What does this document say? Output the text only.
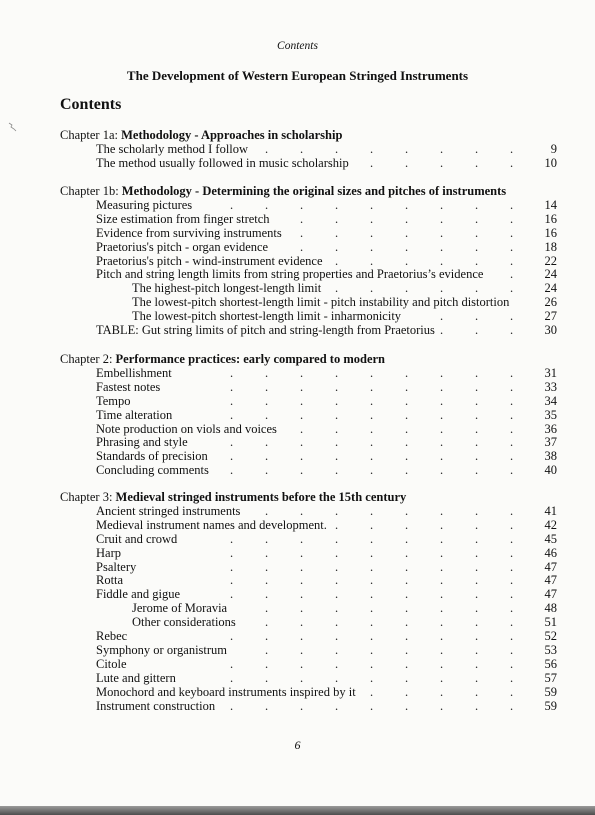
Contents
The Development of Western European Stringed Instruments
Contents
Chapter 1a: Methodology - Approaches in scholarship
The scholarly method I follow	9
.	.	.	.	.	.	.	.
The method usually followed in music scholarship	10
.	.	.	.	.
Chapter 1b: Methodology - Determining the original sizes and pitches of instruments
Measuring pictures	14
.	.	.	.	.	.	.	.	.
Size estimation from finger stretch	16
.	.	.	.	.	.	.
Evidence from surviving instruments	16
.	.	.	.	.	.	.
Praetorius's pitch - organ evidence	18
.	.	.	.	.	.	.
Praetorius's pitch - wind-instrument evidence	22
.	.	.	.	.	.
Pitch and string length limits from string properties and Praetorius’s evidence	24
.
The highest-pitch longest-length limit	24
.	.	.	.	.	.
The lowest-pitch shortest-length limit - pitch instability and pitch distortion	26
The lowest-pitch shortest-length limit - inharmonicity	27
.	.	.
TABLE: Gut string limits of pitch and string-length from Praetorius	30
.	.	.
Chapter 2: Performance practices: early compared to modern
Embellishment	31
.	.	.	.	.	.	.	.	.
Fastest notes	33
.	.	.	.	.	.	.	.	.
Tempo	34
.	.	.	.	.	.	.	.	.
Time alteration	35
.	.	.	.	.	.	.	.	.
Note production on viols and voices	36
.	.	.	.	.	.	.
Phrasing and style	37
.	.	.	.	.	.	.	.	.
Standards of precision	38
.	.	.	.	.	.	.	.	.
Concluding comments	40
.	.	.	.	.	.	.	.	.
Chapter 3: Medieval stringed instruments before the 15th century
Ancient stringed instruments	41
.	.	.	.	.	.	.	.
Medieval instrument names and development.	42
.	.	.	.	.	.
Cruit and crowd	45
.	.	.	.	.	.	.	.	.
Harp	46
.	.	.	.	.	.	.	.	.
Psaltery	47
.	.	.	.	.	.	.	.	.
Rotta	47
.	.	.	.	.	.	.	.	.
Fiddle and gigue	47
.	.	.	.	.	.	.	.	.
Jerome of Moravia	48
.	.	.	.	.	.	.	.
Other considerations	51
.	.	.	.	.	.	.	.
Rebec	52
.	.	.	.	.	.	.	.	.
Symphony or organistrum	53
.	.	.	.	.	.	.	.
Citole	56
.	.	.	.	.	.	.	.	.
Lute and gittern	57
.	.	.	.	.	.	.	.	.
Monochord and keyboard instruments inspired by it	59
.	.	.	.	.
Instrument construction	59
.	.	.	.	.	.	.	.	.
6
